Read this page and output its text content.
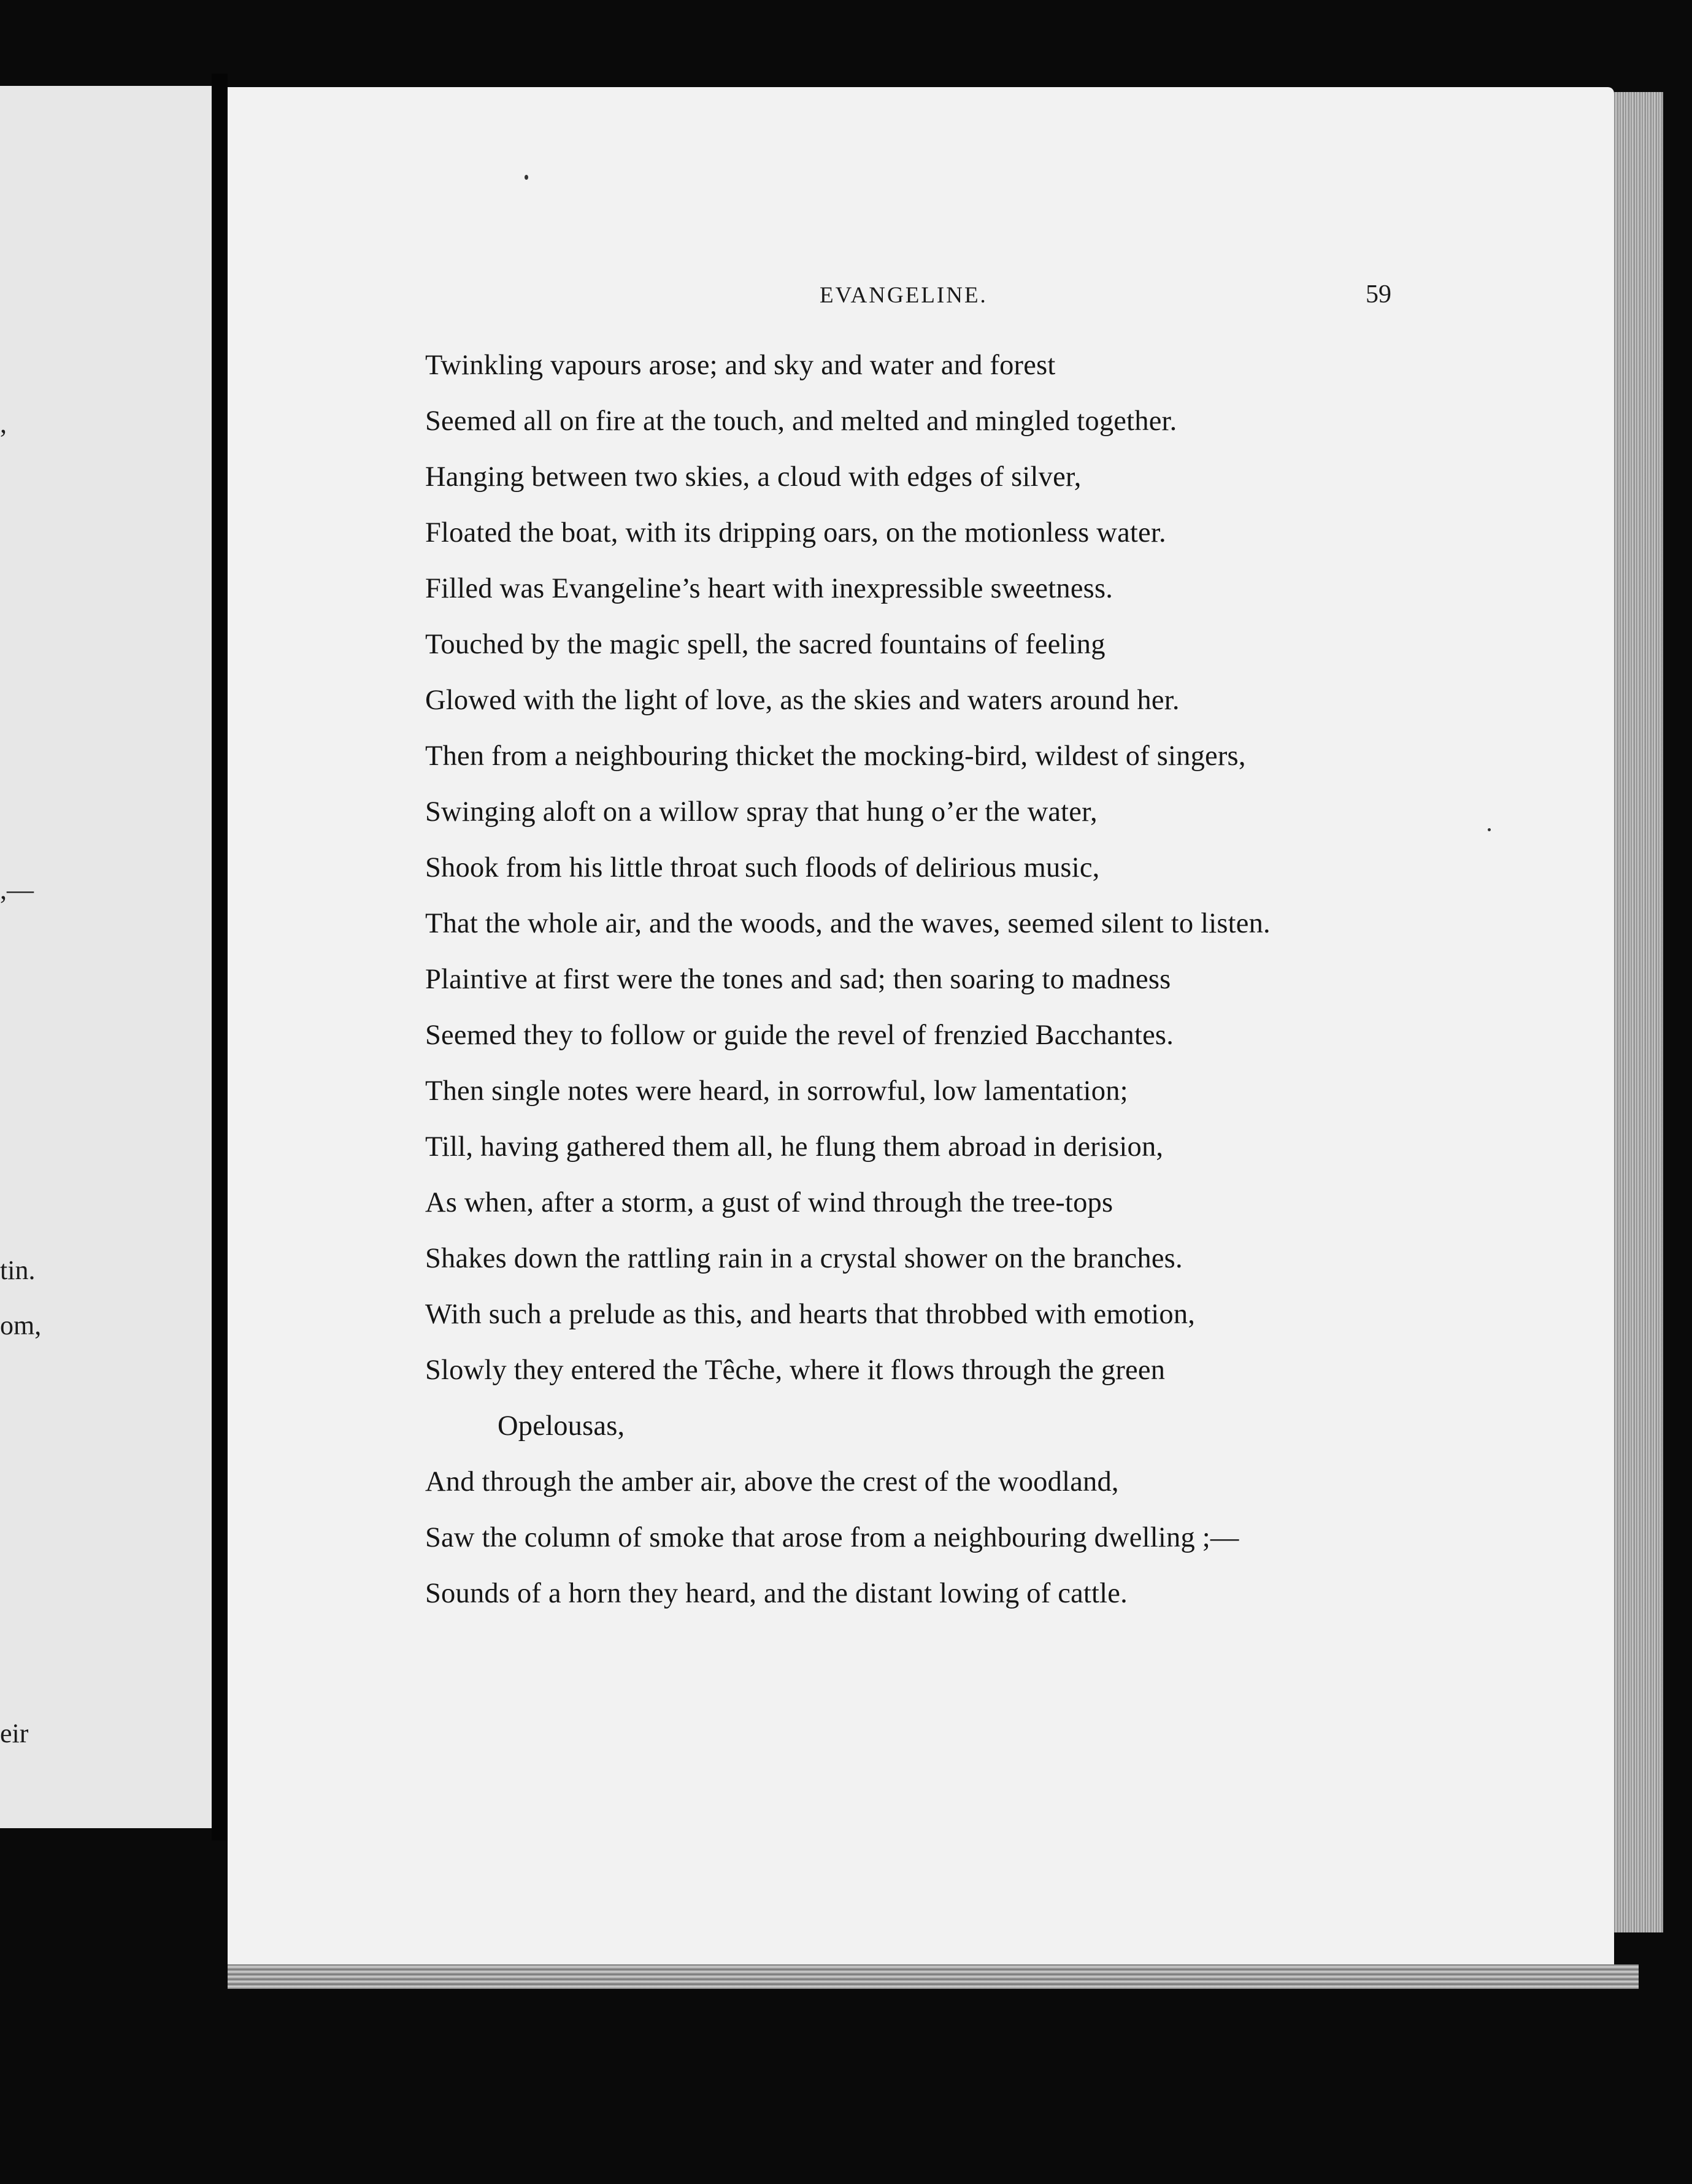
,
,—
tin.
om,
eir
EVANGELINE.	59
Twinkling vapours arose; and sky and water and forest
Seemed all on fire at the touch, and melted and mingled together.
Hanging between two skies, a cloud with edges of silver,
Floated the boat, with its dripping oars, on the motionless water.
Filled was Evangeline’s heart with inexpressible sweetness.
Touched by the magic spell, the sacred fountains of feeling
Glowed with the light of love, as the skies and waters around her.
Then from a neighbouring thicket the mocking-bird, wildest of singers,
Swinging aloft on a willow spray that hung o’er the water,
Shook from his little throat such floods of delirious music,
That the whole air, and the woods, and the waves, seemed silent to listen.
Plaintive at first were the tones and sad; then soaring to madness
Seemed they to follow or guide the revel of frenzied Bacchantes.
Then single notes were heard, in sorrowful, low lamentation;
Till, having gathered them all, he flung them abroad in derision,
As when, after a storm, a gust of wind through the tree-tops
Shakes down the rattling rain in a crystal shower on the branches.
With such a prelude as this, and hearts that throbbed with emotion,
Slowly they entered the Têche, where it flows through the green
Opelousas,
And through the amber air, above the crest of the woodland,
Saw the column of smoke that arose from a neighbouring dwelling ;—
Sounds of a horn they heard, and the distant lowing of cattle.
